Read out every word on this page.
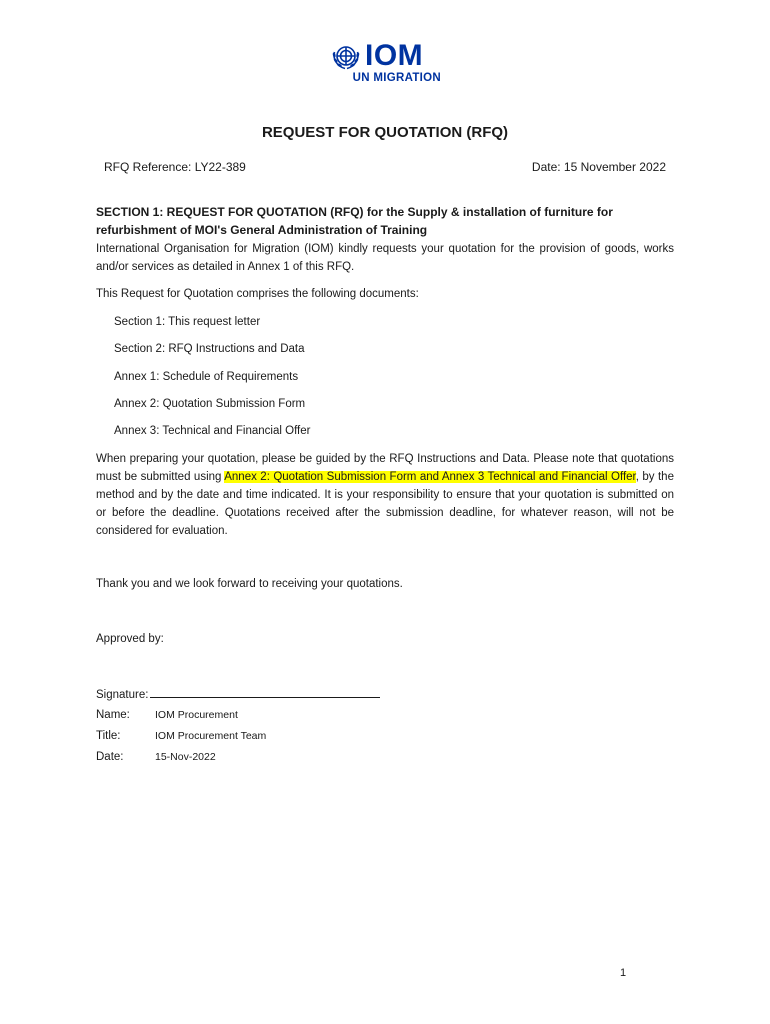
IOM
UN MIGRATION
REQUEST FOR QUOTATION (RFQ)
RFQ Reference: LY22-389	Date: 15 November 2022
SECTION 1: REQUEST FOR QUOTATION (RFQ) for the Supply & installation of furniture for refurbishment of MOI's General Administration of Training
International Organisation for Migration (IOM) kindly requests your quotation for the provision of goods, works and/or services as detailed in Annex 1 of this RFQ.
This Request for Quotation comprises the following documents:
Section 1: This request letter
Section 2: RFQ Instructions and Data
Annex 1: Schedule of Requirements
Annex 2: Quotation Submission Form
Annex 3: Technical and Financial Offer
When preparing your quotation, please be guided by the RFQ Instructions and Data. Please note that quotations must be submitted using Annex 2: Quotation Submission Form and Annex 3 Technical and Financial Offer, by the method and by the date and time indicated. It is your responsibility to ensure that your quotation is submitted on or before the deadline. Quotations received after the submission deadline, for whatever reason, will not be considered for evaluation.
Thank you and we look forward to receiving your quotations.
Approved by:
Signature:
Name: IOM Procurement
Title:	IOM Procurement Team
Date:	15-Nov-2022
1
